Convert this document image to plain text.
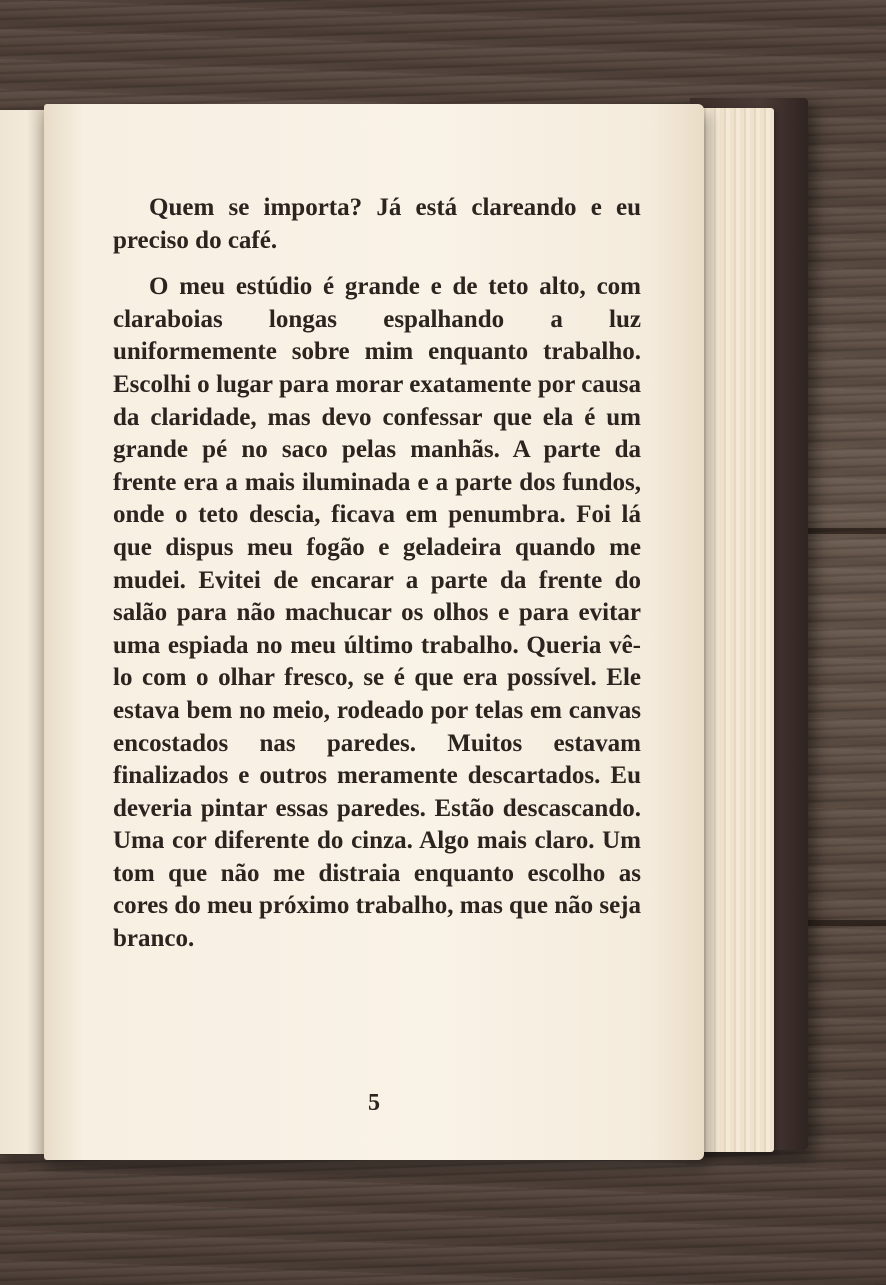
Quem se importa? Já está clareando e eu preciso do café.

O meu estúdio é grande e de teto alto, com claraboias longas espalhando a luz uniformemente sobre mim enquanto trabalho. Escolhi o lugar para morar exatamente por causa da claridade, mas devo confessar que ela é um grande pé no saco pelas manhãs. A parte da frente era a mais iluminada e a parte dos fundos, onde o teto descia, ficava em penumbra. Foi lá que dispus meu fogão e geladeira quando me mudei. Evitei de encarar a parte da frente do salão para não machucar os olhos e para evitar uma espiada no meu último trabalho. Queria vê-lo com o olhar fresco, se é que era possível. Ele estava bem no meio, rodeado por telas em canvas encostados nas paredes. Muitos estavam finalizados e outros meramente descartados. Eu deveria pintar essas paredes. Estão descascando. Uma cor diferente do cinza. Algo mais claro. Um tom que não me distraia enquanto escolho as cores do meu próximo trabalho, mas que não seja branco.

5
